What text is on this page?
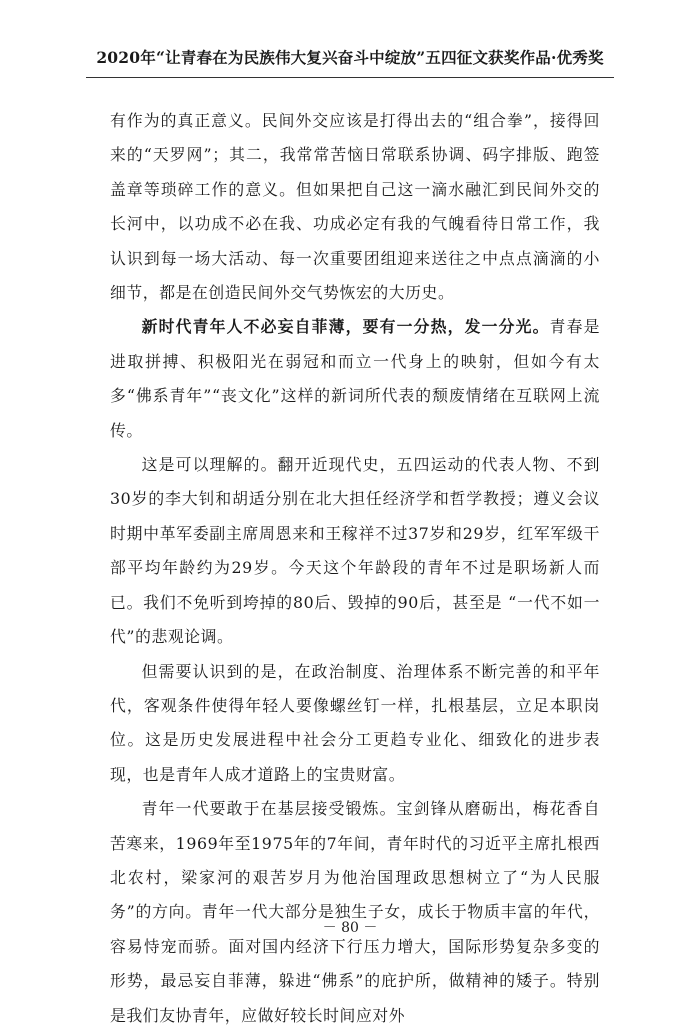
2020年“让青春在为民族伟大复兴奋斗中绽放”五四征文获奖作品·优秀奖

有作为的真正意义。民间外交应该是打得出去的“组合拳”，接得回来的“天罗网”；其二，我常常苦恼日常联系协调、码字排版、跑签盖章等琐碎工作的意义。但如果把自己这一滴水融汇到民间外交的长河中，以功成不必在我、功成必定有我的气魄看待日常工作，我认识到每一场大活动、每一次重要团组迎来送往之中点点滴滴的小细节，都是在创造民间外交气势恢宏的大历史。

新时代青年人不必妄自菲薄，要有一分热，发一分光。青春是进取拼搏、积极阳光在弱冠和而立一代身上的映射，但如今有太多“佛系青年”“丧文化”这样的新词所代表的颓废情绪在互联网上流传。

这是可以理解的。翻开近现代史，五四运动的代表人物、不到30岁的李大钊和胡适分别在北大担任经济学和哲学教授；遵义会议时期中革军委副主席周恩来和王稼祥不过37岁和29岁，红军军级干部平均年龄约为29岁。今天这个年龄段的青年不过是职场新人而已。我们不免听到垮掉的80后、毁掉的90后，甚至是 “一代不如一代”的悲观论调。

但需要认识到的是，在政治制度、治理体系不断完善的和平年代，客观条件使得年轻人要像螺丝钉一样，扎根基层，立足本职岗位。这是历史发展进程中社会分工更趋专业化、细致化的进步表现，也是青年人成才道路上的宝贵财富。

青年一代要敢于在基层接受锻炼。宝剑锋从磨砺出，梅花香自苦寒来，1969年至1975年的7年间，青年时代的习近平主席扎根西北农村，梁家河的艰苦岁月为他治国理政思想树立了“为人民服务”的方向。青年一代大部分是独生子女，成长于物质丰富的年代，容易恃宠而骄。面对国内经济下行压力增大，国际形势复杂多变的形势，最忌妄自菲薄，躲进“佛系”的庇护所，做精神的矮子。特别是我们友协青年，应做好较长时间应对外

－ 80 －
